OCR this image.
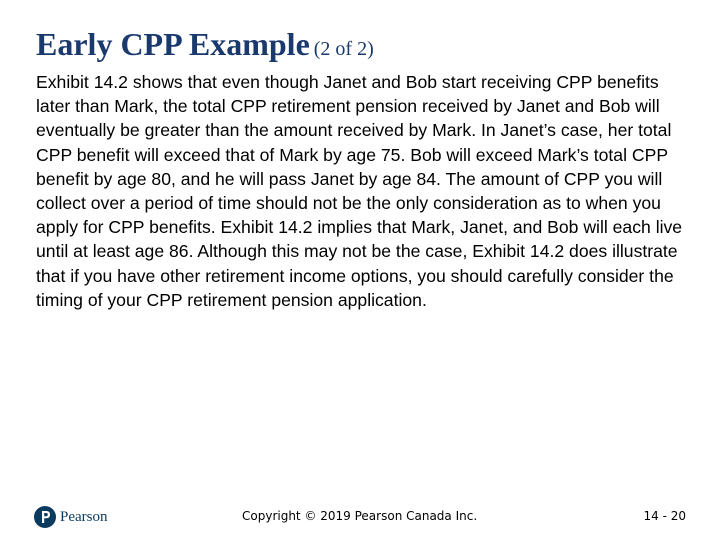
Early CPP Example (2 of 2)

Exhibit 14.2 shows that even though Janet and Bob start receiving CPP benefits later than Mark, the total CPP retirement pension received by Janet and Bob will eventually be greater than the amount received by Mark. In Janet’s case, her total CPP benefit will exceed that of Mark by age 75. Bob will exceed Mark’s total CPP benefit by age 80, and he will pass Janet by age 84. The amount of CPP you will collect over a period of time should not be the only consideration as to when you apply for CPP benefits. Exhibit 14.2 implies that Mark, Janet, and Bob will each live until at least age 86. Although this may not be the case, Exhibit 14.2 does illustrate that if you have other retirement income options, you should carefully consider the timing of your CPP retirement pension application.

Pearson	Copyright © 2019 Pearson Canada Inc.	14 - 20
